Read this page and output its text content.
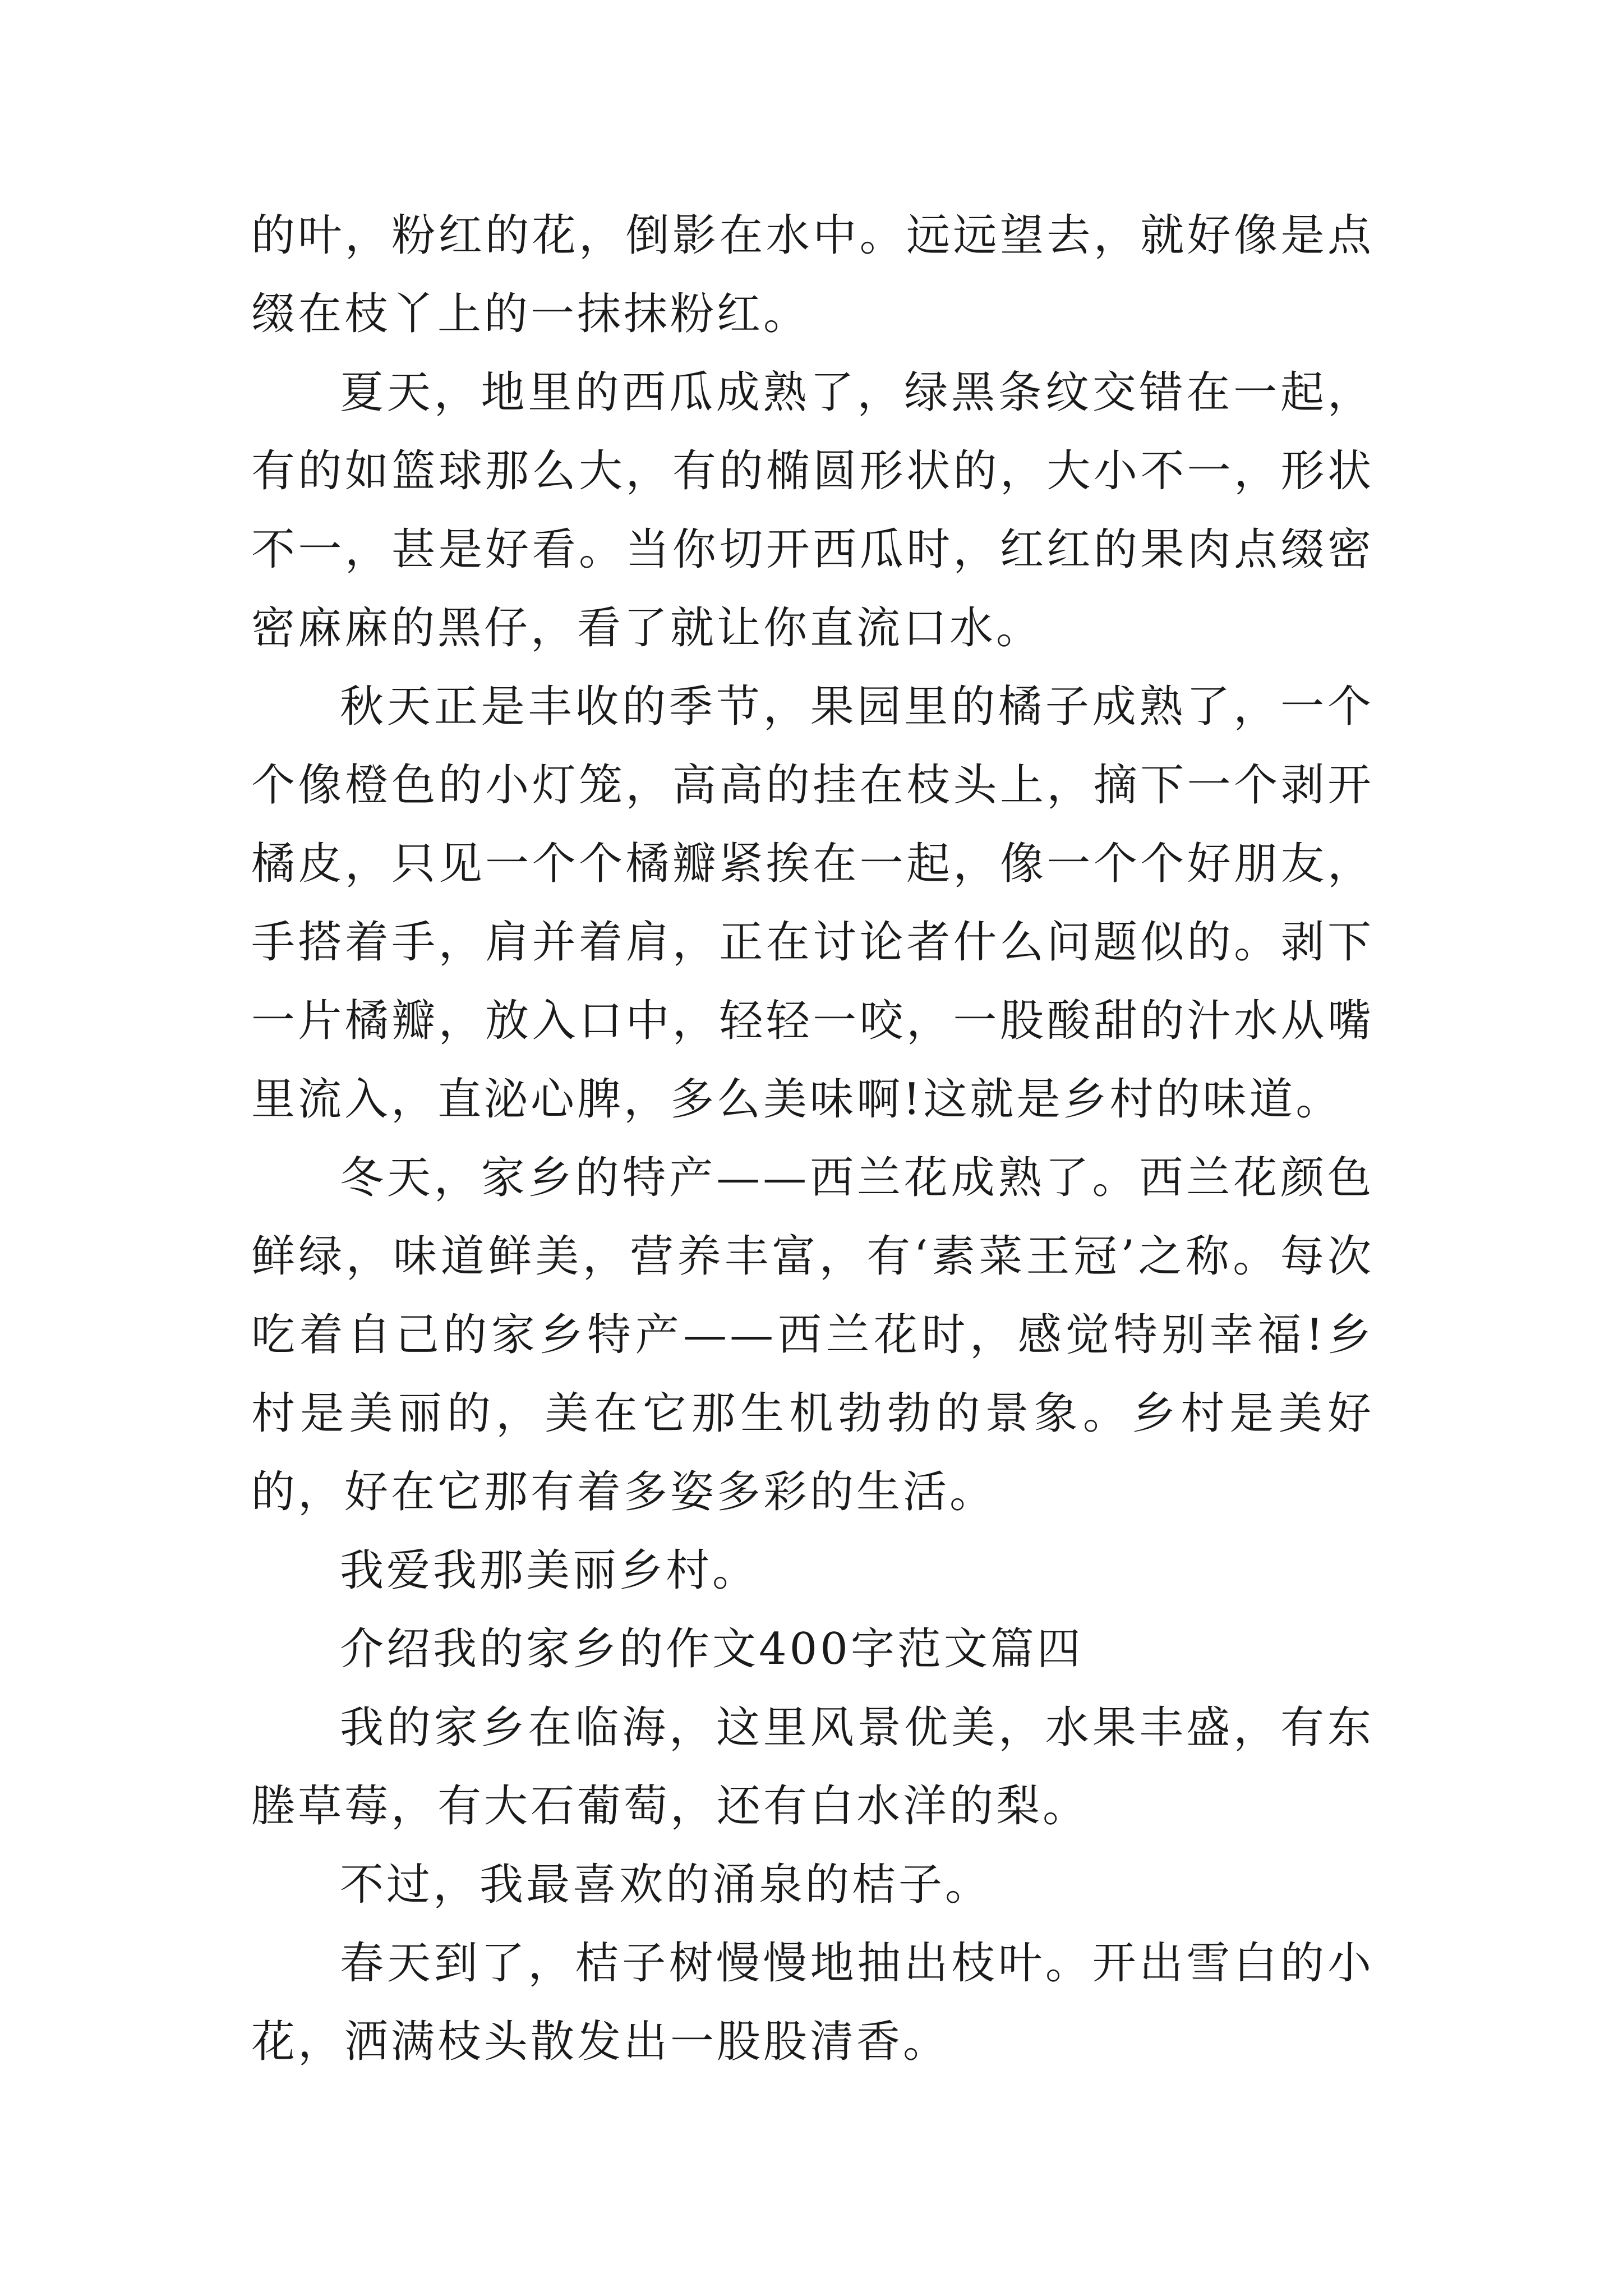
的叶，粉红的花，倒影在水中。远远望去，就好像是点缀在枝丫上的一抹抹粉红。

夏天，地里的西瓜成熟了，绿黑条纹交错在一起，有的如篮球那么大，有的椭圆形状的，大小不一，形状不一，甚是好看。当你切开西瓜时，红红的果肉点缀密密麻麻的黑仔，看了就让你直流口水。

秋天正是丰收的季节，果园里的橘子成熟了，一个个像橙色的小灯笼，高高的挂在枝头上，摘下一个剥开橘皮，只见一个个橘瓣紧挨在一起，像一个个好朋友，手搭着手，肩并着肩，正在讨论者什么问题似的。剥下一片橘瓣，放入口中，轻轻一咬，一股酸甜的汁水从嘴里流入，直泌心脾，多么美味啊!这就是乡村的味道。

冬天，家乡的特产——西兰花成熟了。西兰花颜色鲜绿，味道鲜美，营养丰富，有‘素菜王冠’之称。每次吃着自己的家乡特产——西兰花时，感觉特别幸福!乡村是美丽的，美在它那生机勃勃的景象。乡村是美好的，好在它那有着多姿多彩的生活。

我爱我那美丽乡村。

介绍我的家乡的作文400字范文篇四

我的家乡在临海，这里风景优美，水果丰盛，有东塍草莓，有大石葡萄，还有白水洋的梨。

不过，我最喜欢的涌泉的桔子。

春天到了，桔子树慢慢地抽出枝叶。开出雪白的小花，洒满枝头散发出一股股清香。
